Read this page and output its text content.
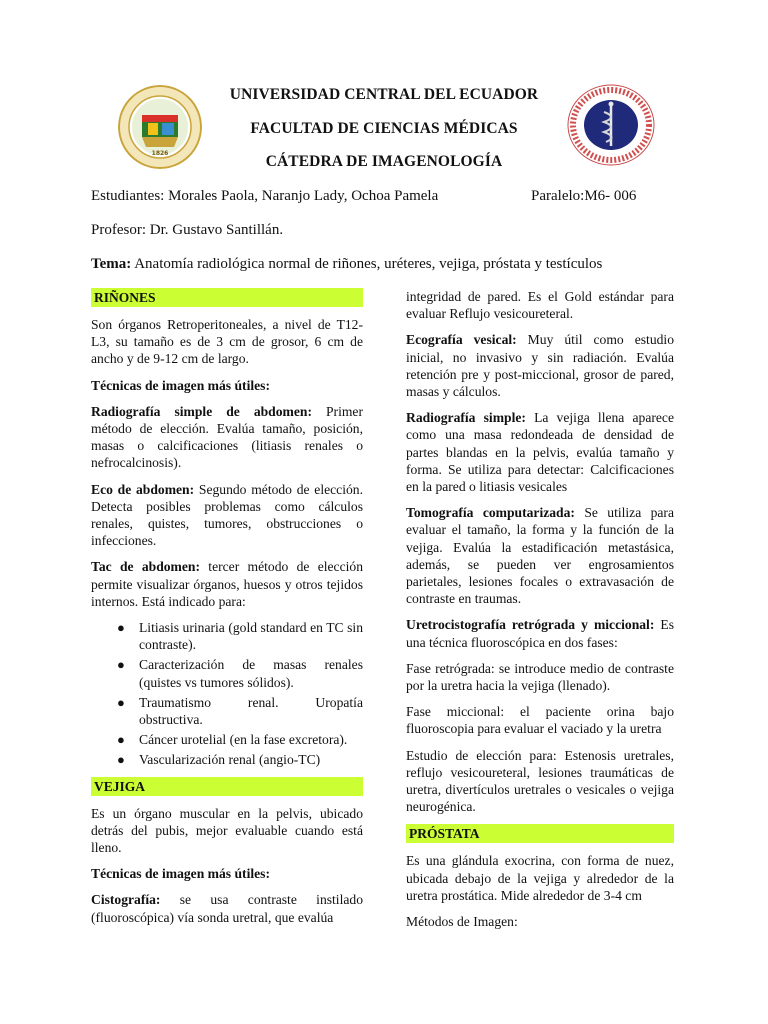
1826
UNIVERSIDAD CENTRAL DEL ECUADOR
FACULTAD DE CIENCIAS MÉDICAS
CÁTEDRA DE IMAGENOLOGÍA
Estudiantes: Morales Paola, Naranjo Lady, Ochoa Pamela	Paralelo:M6- 006
Profesor: Dr. Gustavo Santillán.
Tema: Anatomía radiológica normal de riñones, uréteres, vejiga, próstata y testículos
RIÑONES

Son órganos Retroperitoneales, a nivel de T12-L3, su tamaño es de 3 cm de grosor, 6 cm de ancho y de 9-12 cm de largo.

Técnicas de imagen más útiles:

Radiografía simple de abdomen: Primer método de elección. Evalúa tamaño, posición, masas o calcificaciones (litiasis renales o nefrocalcinosis).

Eco de abdomen: Segundo método de elección. Detecta posibles problemas como cálculos renales, quistes, tumores, obstrucciones o infecciones.

Tac de abdomen: tercer método de elección permite visualizar órganos, huesos y otros tejidos internos. Está indicado para:

● Litiasis urinaria (gold standard en TC sin contraste).
● Caracterización de masas renales (quistes vs tumores sólidos).
● Traumatismo renal. Uropatía obstructiva.
● Cáncer urotelial (en la fase excretora).
● Vascularización renal (angio-TC)
VEJIGA

Es un órgano muscular en la pelvis, ubicado detrás del pubis, mejor evaluable cuando está lleno.

Técnicas de imagen más útiles:

Cistografía: se usa contraste instilado (fluoroscópica) vía sonda uretral, que evalúa

integridad de pared. Es el Gold estándar para evaluar Reflujo vesicoureteral.

Ecografía vesical: Muy útil como estudio inicial, no invasivo y sin radiación. Evalúa retención pre y post-miccional, grosor de pared, masas y cálculos.

Radiografía simple: La vejiga llena aparece como una masa redondeada de densidad de partes blandas en la pelvis, evalúa tamaño y forma. Se utiliza para detectar: Calcificaciones en la pared o litiasis vesicales

Tomografía computarizada: Se utiliza para evaluar el tamaño, la forma y la función de la vejiga. Evalúa la estadificación metastásica, además, se pueden ver engrosamientos parietales, lesiones focales o extravasación de contraste en traumas.

Uretrocistografía retrógrada y miccional: Es una técnica fluoroscópica en dos fases:

Fase retrógrada: se introduce medio de contraste por la uretra hacia la vejiga (llenado).

Fase miccional: el paciente orina bajo fluoroscopia para evaluar el vaciado y la uretra

Estudio de elección para: Estenosis uretrales, reflujo vesicoureteral, lesiones traumáticas de uretra, divertículos uretrales o vesicales o vejiga neurogénica.

PRÓSTATA

Es una glándula exocrina, con forma de nuez, ubicada debajo de la vejiga y alrededor de la uretra prostática. Mide alrededor de 3-4 cm

Métodos de Imagen:
